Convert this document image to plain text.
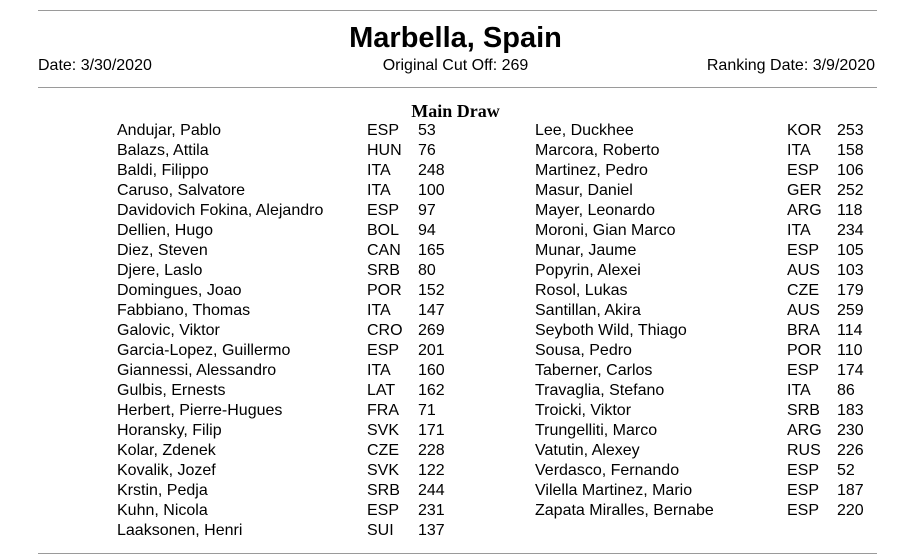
Marbella, Spain
Date: 3/30/2020	Original Cut Off: 269	Ranking Date: 3/9/2020
Main Draw
Andujar, Pablo	ESP 53
Balazs, Attila	HUN 76
Baldi, Filippo	ITA 248
Caruso, Salvatore	ITA 100
Davidovich Fokina, Alejandro	ESP 97
Dellien, Hugo	BOL 94
Diez, Steven	CAN 165
Djere, Laslo	SRB 80
Domingues, Joao	POR 152
Fabbiano, Thomas	ITA 147
Galovic, Viktor	CRO 269
Garcia-Lopez, Guillermo	ESP 201
Giannessi, Alessandro	ITA 160
Gulbis, Ernests	LAT 162
Herbert, Pierre-Hugues	FRA 71
Horansky, Filip	SVK 171
Kolar, Zdenek	CZE 228
Kovalik, Jozef	SVK 122
Krstin, Pedja	SRB 244
Kuhn, Nicola	ESP 231
Laaksonen, Henri	SUI 137
Lee, Duckhee	KOR 253
Marcora, Roberto	ITA 158
Martinez, Pedro	ESP 106
Masur, Daniel	GER 252
Mayer, Leonardo	ARG 118
Moroni, Gian Marco	ITA 234
Munar, Jaume	ESP 105
Popyrin, Alexei	AUS 103
Rosol, Lukas	CZE 179
Santillan, Akira	AUS 259
Seyboth Wild, Thiago	BRA 114
Sousa, Pedro	POR 110
Taberner, Carlos	ESP 174
Travaglia, Stefano	ITA 86
Troicki, Viktor	SRB 183
Trungelliti, Marco	ARG 230
Vatutin, Alexey	RUS 226
Verdasco, Fernando	ESP 52
Vilella Martinez, Mario	ESP 187
Zapata Miralles, Bernabe	ESP 220
